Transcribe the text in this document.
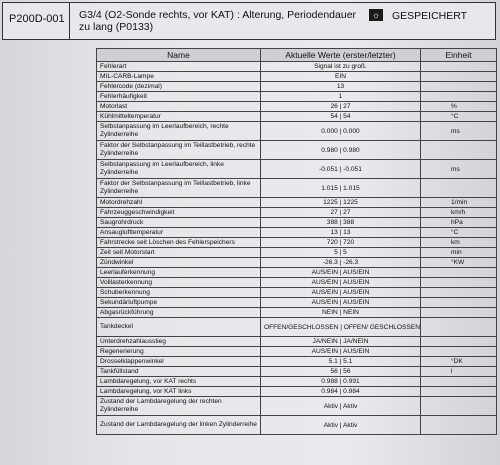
P200D-001 G3/4 (O2-Sonde rechts, vor KAT) : Alterung, Periodendauer zu lang (P0133)
☼ GESPEICHERT
Name	Aktuelle Werte (erster/letzter)	Einheit
Fehlerart	Signal ist zu groß.	
MIL-CARB-Lampe	EIN	
Fehlercode (dezimal)	13	
Fehlerhäufigkeit	1	
Motorlast	26 | 27	%
Kühlmitteltemperatur	54 | 54	°C
Selbstanpassung im Leerlaufbereich, rechte Zylinderreihe	0.000 | 0.000	ms
Faktor der Selbstanpassung im Teillastbetrieb, rechte Zylinderreihe	0.980 | 0.980	
Selbstanpassung im Leerlaufbereich, linke Zylinderreihe	-0.051 | -0.051	ms
Faktor der Selbstanpassung im Teillastbetrieb, linke Zylinderreihe	1.015 | 1.015	
Motordrehzahl	1225 | 1225	1/min
Fahrzeuggeschwindigkeit	27 | 27	km/h
Saugrohrdruck	388 | 388	hPa
Ansauglufttemperatur	13 | 13	°C
Fahrstrecke seit Löschen des Fehlerspeichers	720 | 720	km
Zeit seit Motorstart	5 | 5	min
Zündwinkel	-26.3 | -26.3	°KW
Leerlauferkennung	AUS/EIN | AUS/EIN	
Volllasterkennung	AUS/EIN | AUS/EIN	
Schuberkennung	AUS/EIN | AUS/EIN	
Sekundärluftpumpe	AUS/EIN | AUS/EIN	
Abgasrückführung	NEIN | NEIN	
Tankdeckel	OFFEN/GESCHLOSSEN | OFFEN/ GESCHLOSSEN	
Unterdrehzahlausstieg	JA/NEIN | JA/NEIN	
Regenerierung	AUS/EIN | AUS/EIN	
Drosselklappenwinkel	5.1 | 5.1	°DK
Tankfüllstand	56 | 56	l
Lambdaregelung, vor KAT rechts	0.988 | 0.991	
Lambdaregelung, vor KAT links	0.984 | 0.984	
Zustand der Lambdaregelung der rechten Zylinderreihe	Aktiv | Aktiv	
Zustand der Lambdaregelung der linken Zylinderreihe	Aktiv | Aktiv	
